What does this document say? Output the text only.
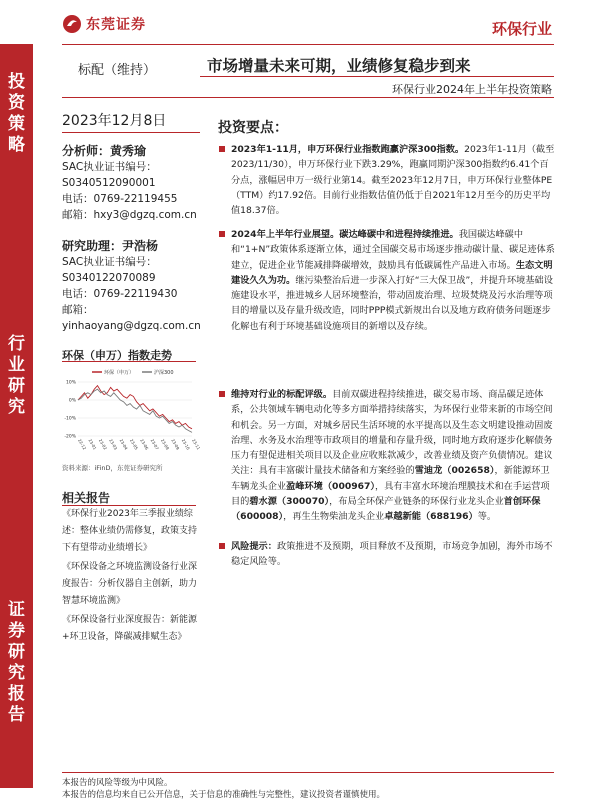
东莞证券	环保行业
投
资
策
略
行
业
研
究
证
券
研
究
报
告
标配（维持）	市场增量未来可期，业绩修复稳步到来
环保行业2024年上半年投资策略
2023年12月8日
分析师：黄秀瑜
SAC执业证书编号：
S0340512090001
电话：0769-22119455
邮箱：hxy3@dgzq.com.cn
研究助理：尹浩杨
SAC执业证书编号：
S0340122070089
电话：0769-22119430
邮箱：
yinhaoyang@dgzq.com.cn
环保（申万）指数走势
环保（申万）	沪深300
-20%
-10%
0%
10%
22-12 23-01 23-02 23-03 23-04 23-05 23-06 23-07 23-08 23-09 23-10 23-11
资料来源：iFinD，东莞证券研究所
相关报告

《环保行业2023年三季报业绩综述：整体业绩仍需修复，政策支持下有望带动业绩增长》

《环保设备之环境监测设备行业深度报告：分析仪器自主创新，助力智慧环境监测》

《环保设备行业深度报告：新能源+环卫设备，降碳减排赋生态》

投资要点：
2023年1-11月，申万环保行业指数跑赢沪深300指数。2023年1-11月（截至2023/11/30），申万环保行业下跌3.29%，跑赢同期沪深300指数约6.41个百分点，涨幅居申万一级行业第14。截至2023年12月7日，申万环保行业整体PE（TTM）约17.92倍。目前行业指数估值仍低于自2021年12月至今的历史平均值18.37倍。
2024年上半年行业展望。碳达峰碳中和进程持续推进。我国碳达峰碳中和“1+N”政策体系逐渐立体，通过全国碳交易市场逐步推动碳计量、碳足迹体系建立，促进企业节能减排降碳增效，鼓励具有低碳属性产品进入市场。生态文明建设久久为功。继污染整治后进一步深入打好“三大保卫战”，并提升环境基础设施建设水平，推进城乡人居环境整治，带动固废治理、垃圾焚烧及污水治理等项目的增量以及存量升级改造，同时PPP模式新规出台以及地方政府债务问题逐步化解也有利于环境基础设施项目的新增以及存续。
维持对行业的标配评级。目前双碳进程持续推进，碳交易市场、商品碳足迹体系，公共领域车辆电动化等多方面举措持续落实，为环保行业带来新的市场空间和机会。另一方面，对城乡居民生活环境的水平提高以及生态文明建设推动固废治理、水务及水治理等市政项目的增量和存量升级，同时地方政府逐步化解债务压力有望促进相关项目以及企业应收账款减少，改善业绩及资产负债情况。建议关注：具有丰富碳计量技术储备和方案经验的雪迪龙（002658），新能源环卫车辆龙头企业盈峰环境（000967），具有丰富水环境治理膜技术和在手运营项目的碧水源（300070），布局全环保产业链条的环保行业龙头企业首创环保（600008），再生生物柴油龙头企业卓越新能（688196）等。
风险提示：政策推进不及预期，项目释放不及预期，市场竞争加剧，海外市场不稳定风险等。
本报告的风险等级为中风险。
本报告的信息均来自已公开信息，关于信息的准确性与完整性，建议投资者谨慎使用。
